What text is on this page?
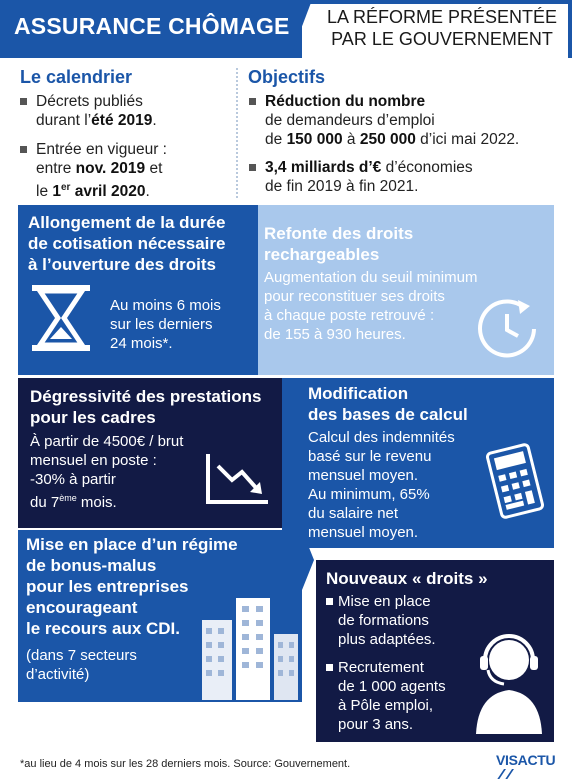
ASSURANCE CHÔMAGE LA RÉFORME PRÉSENTÉE
PAR LE GOUVERNEMENT
Le calendrier
Décrets publiés
durant l’été 2019.
Entrée en vigueur :
entre nov. 2019 et
le 1er avril 2020.
Objectifs
Réduction du nombre
de demandeurs d’emploi
de 150 000 à 250 000 d’ici mai 2022.
3,4 milliards d’€ d’économies
de fin 2019 à fin 2021.
Allongement de la durée
de cotisation nécessaire
à l’ouverture des droits
Au moins 6 mois
sur les derniers
24 mois*.
Refonte des droits
rechargeables
Augmentation du seuil minimum
pour reconstituer ses droits
à chaque poste retrouvé :
de 155 à 930 heures.
Dégressivité des prestations
pour les cadres
À partir de 4500€ / brut
mensuel en poste :
-30% à partir
du 7ème mois.
Modification
des bases de calcul
Calcul des indemnités
basé sur le revenu
mensuel moyen.
Au minimum, 65%
du salaire net
mensuel moyen.
Mise en place d’un régime
de bonus-malus
pour les entreprises
encourageant
le recours aux CDI.
(dans 7 secteurs
d’activité)
Nouveaux « droits »
Mise en place
de formations
plus adaptées.
Recrutement
de 1 000 agents
à Pôle emploi,
pour 3 ans.
*au lieu de 4 mois sur les 28 derniers mois. Source: Gouvernement.	VISACTU
